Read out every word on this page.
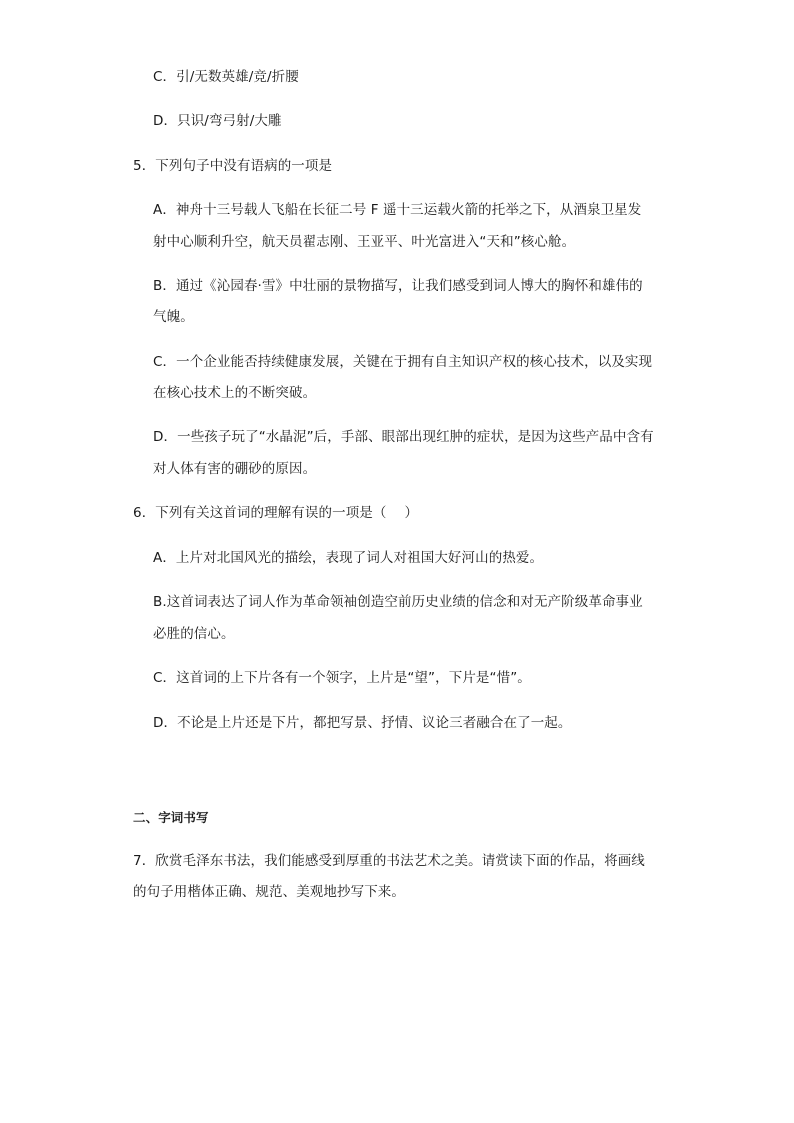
C．引/无数英雄/竞/折腰
D．只识/弯弓射/大雕
5．下列句子中没有语病的一项是
A．神舟十三号载人飞船在长征二号 F 遥十三运载火箭的托举之下，从酒泉卫星发
射中心顺利升空，航天员翟志刚、王亚平、叶光富进入“天和”核心舱。
B．通过《沁园春·雪》中壮丽的景物描写，让我们感受到词人博大的胸怀和雄伟的
气魄。
C．一个企业能否持续健康发展，关键在于拥有自主知识产权的核心技术，以及实现
在核心技术上的不断突破。
D．一些孩子玩了“水晶泥”后，手部、眼部出现红肿的症状，是因为这些产品中含有
对人体有害的硼砂的原因。
6．下列有关这首词的理解有误的一项是（　 ）
A．上片对北国风光的描绘，表现了词人对祖国大好河山的热爱。
B.这首词表达了词人作为革命领袖创造空前历史业绩的信念和对无产阶级革命事业
必胜的信心。
C．这首词的上下片各有一个领字，上片是“望”，下片是“惜”。
D．不论是上片还是下片，都把写景、抒情、议论三者融合在了一起。
二、字词书写
7．欣赏毛泽东书法，我们能感受到厚重的书法艺术之美。请赏读下面的作品，将画线
的句子用楷体正确、规范、美观地抄写下来。
